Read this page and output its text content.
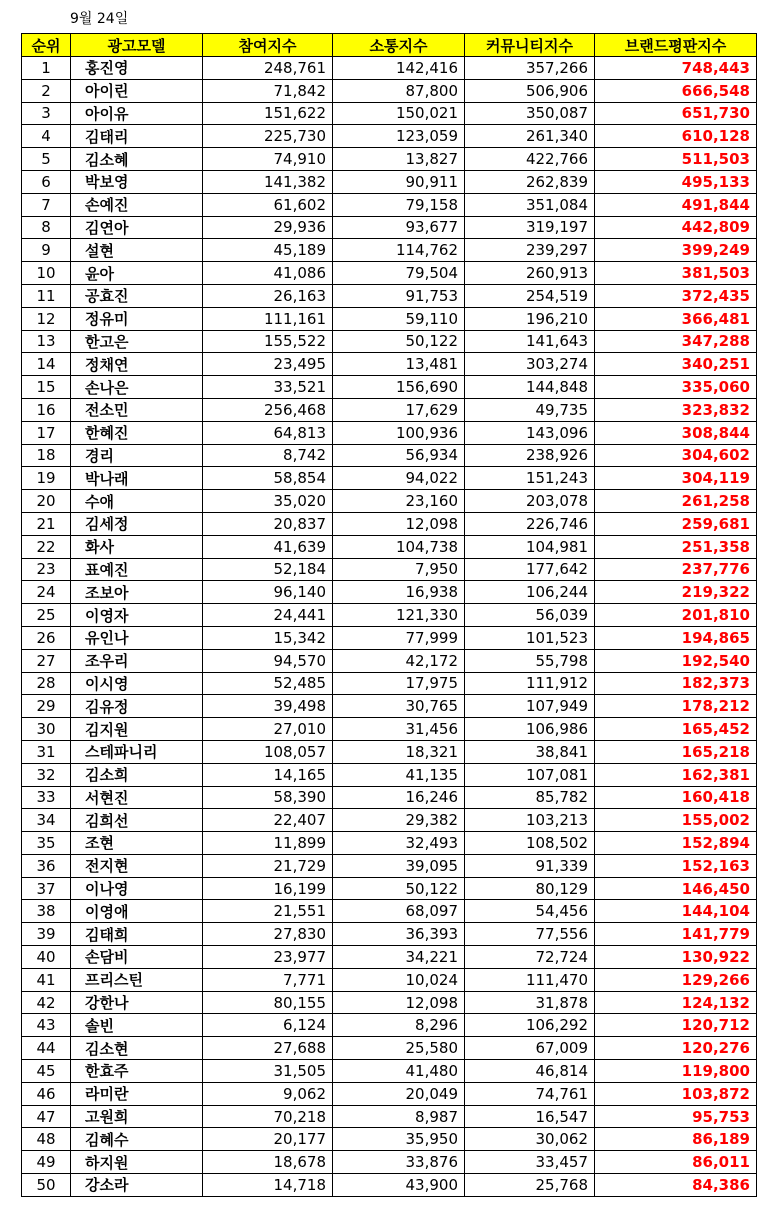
9월 24일
순위	광고모델	참여지수	소통지수	커뮤니티지수	브랜드평판지수
1	홍진영	248,761	142,416	357,266	748,443
2	아이린	71,842	87,800	506,906	666,548
3	아이유	151,622	150,021	350,087	651,730
4	김태리	225,730	123,059	261,340	610,128
5	김소혜	74,910	13,827	422,766	511,503
6	박보영	141,382	90,911	262,839	495,133
7	손예진	61,602	79,158	351,084	491,844
8	김연아	29,936	93,677	319,197	442,809
9	설현	45,189	114,762	239,297	399,249
10	윤아	41,086	79,504	260,913	381,503
11	공효진	26,163	91,753	254,519	372,435
12	정유미	111,161	59,110	196,210	366,481
13	한고은	155,522	50,122	141,643	347,288
14	정채연	23,495	13,481	303,274	340,251
15	손나은	33,521	156,690	144,848	335,060
16	전소민	256,468	17,629	49,735	323,832
17	한혜진	64,813	100,936	143,096	308,844
18	경리	8,742	56,934	238,926	304,602
19	박나래	58,854	94,022	151,243	304,119
20	수애	35,020	23,160	203,078	261,258
21	김세정	20,837	12,098	226,746	259,681
22	화사	41,639	104,738	104,981	251,358
23	표예진	52,184	7,950	177,642	237,776
24	조보아	96,140	16,938	106,244	219,322
25	이영자	24,441	121,330	56,039	201,810
26	유인나	15,342	77,999	101,523	194,865
27	조우리	94,570	42,172	55,798	192,540
28	이시영	52,485	17,975	111,912	182,373
29	김유정	39,498	30,765	107,949	178,212
30	김지원	27,010	31,456	106,986	165,452
31	스테파니리	108,057	18,321	38,841	165,218
32	김소희	14,165	41,135	107,081	162,381
33	서현진	58,390	16,246	85,782	160,418
34	김희선	22,407	29,382	103,213	155,002
35	조현	11,899	32,493	108,502	152,894
36	전지현	21,729	39,095	91,339	152,163
37	이나영	16,199	50,122	80,129	146,450
38	이영애	21,551	68,097	54,456	144,104
39	김태희	27,830	36,393	77,556	141,779
40	손담비	23,977	34,221	72,724	130,922
41	프리스틴	7,771	10,024	111,470	129,266
42	강한나	80,155	12,098	31,878	124,132
43	솔빈	6,124	8,296	106,292	120,712
44	김소현	27,688	25,580	67,009	120,276
45	한효주	31,505	41,480	46,814	119,800
46	라미란	9,062	20,049	74,761	103,872
47	고원희	70,218	8,987	16,547	95,753
48	김혜수	20,177	35,950	30,062	86,189
49	하지원	18,678	33,876	33,457	86,011
50	강소라	14,718	43,900	25,768	84,386
